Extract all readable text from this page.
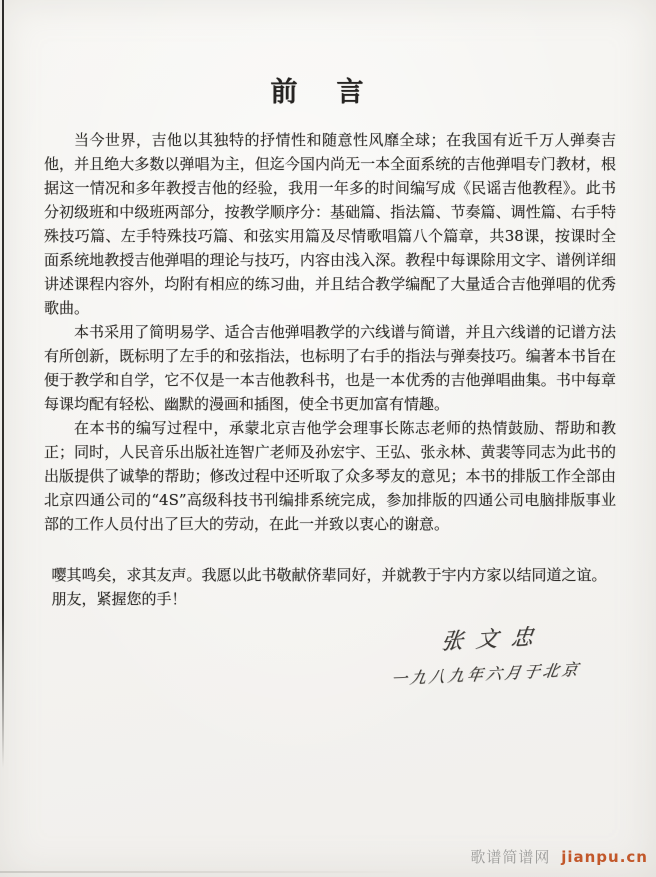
前　言

当今世界，吉他以其独特的抒情性和随意性风靡全球；在我国有近千万人弹奏吉他，并且绝大多数以弹唱为主，但迄今国内尚无一本全面系统的吉他弹唱专门教材，根据这一情况和多年教授吉他的经验，我用一年多的时间编写成《民谣吉他教程》。此书分初级班和中级班两部分，按教学顺序分：基础篇、指法篇、节奏篇、调性篇、右手特殊技巧篇、左手特殊技巧篇、和弦实用篇及尽情歌唱篇八个篇章，共38课，按课时全面系统地教授吉他弹唱的理论与技巧，内容由浅入深。教程中每课除用文字、谱例详细讲述课程内容外，均附有相应的练习曲，并且结合教学编配了大量适合吉他弹唱的优秀歌曲。

本书采用了简明易学、适合吉他弹唱教学的六线谱与简谱，并且六线谱的记谱方法有所创新，既标明了左手的和弦指法，也标明了右手的指法与弹奏技巧。编著本书旨在便于教学和自学，它不仅是一本吉他教科书，也是一本优秀的吉他弹唱曲集。书中每章每课均配有轻松、幽默的漫画和插图，使全书更加富有情趣。

在本书的编写过程中，承蒙北京吉他学会理事长陈志老师的热情鼓励、帮助和教正；同时，人民音乐出版社连智广老师及孙宏宇、王弘、张永林、黄裴等同志为此书的出版提供了诚挚的帮助；修改过程中还听取了众多琴友的意见；本书的排版工作全部由北京四通公司的“4S”高级科技书刊编排系统完成，参加排版的四通公司电脑排版事业部的工作人员付出了巨大的劳动，在此一并致以衷心的谢意。

嘤其鸣矣，求其友声。我愿以此书敬献侪辈同好，并就教于宇内方家以结同道之谊。

朋友，紧握您的手！

张文忠
一九八九年六月于北京
歌谱简谱网 jianpu.cn
